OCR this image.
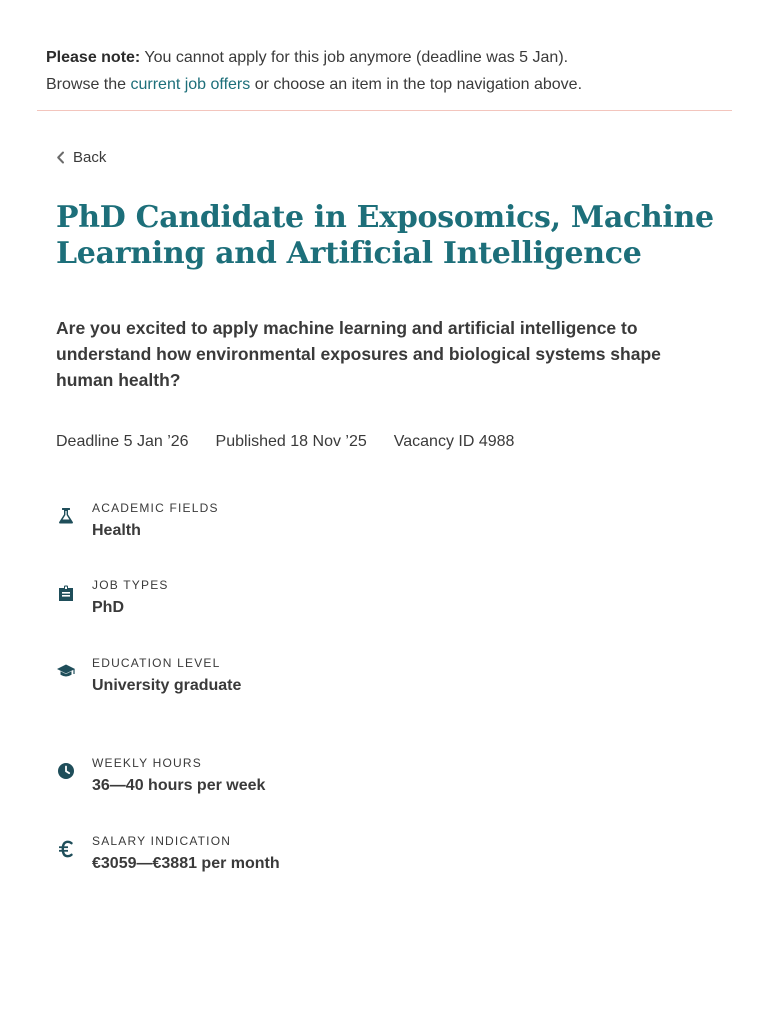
Please note: You cannot apply for this job anymore (deadline was 5 Jan).
Browse the current job offers or choose an item in the top navigation above.
Back
PhD Candidate in Exposomics, Machine Learning and Artificial Intelligence

Are you excited to apply machine learning and artificial intelligence to understand how environmental exposures and biological systems shape human health?

Deadline 5 Jan ’26 Published 18 Nov ’25 Vacancy ID 4988
ACADEMIC FIELDS
Health
JOB TYPES
PhD
EDUCATION LEVEL
University graduate
WEEKLY HOURS
36—40 hours per week
SALARY INDICATION
€3059—€3881 per month
